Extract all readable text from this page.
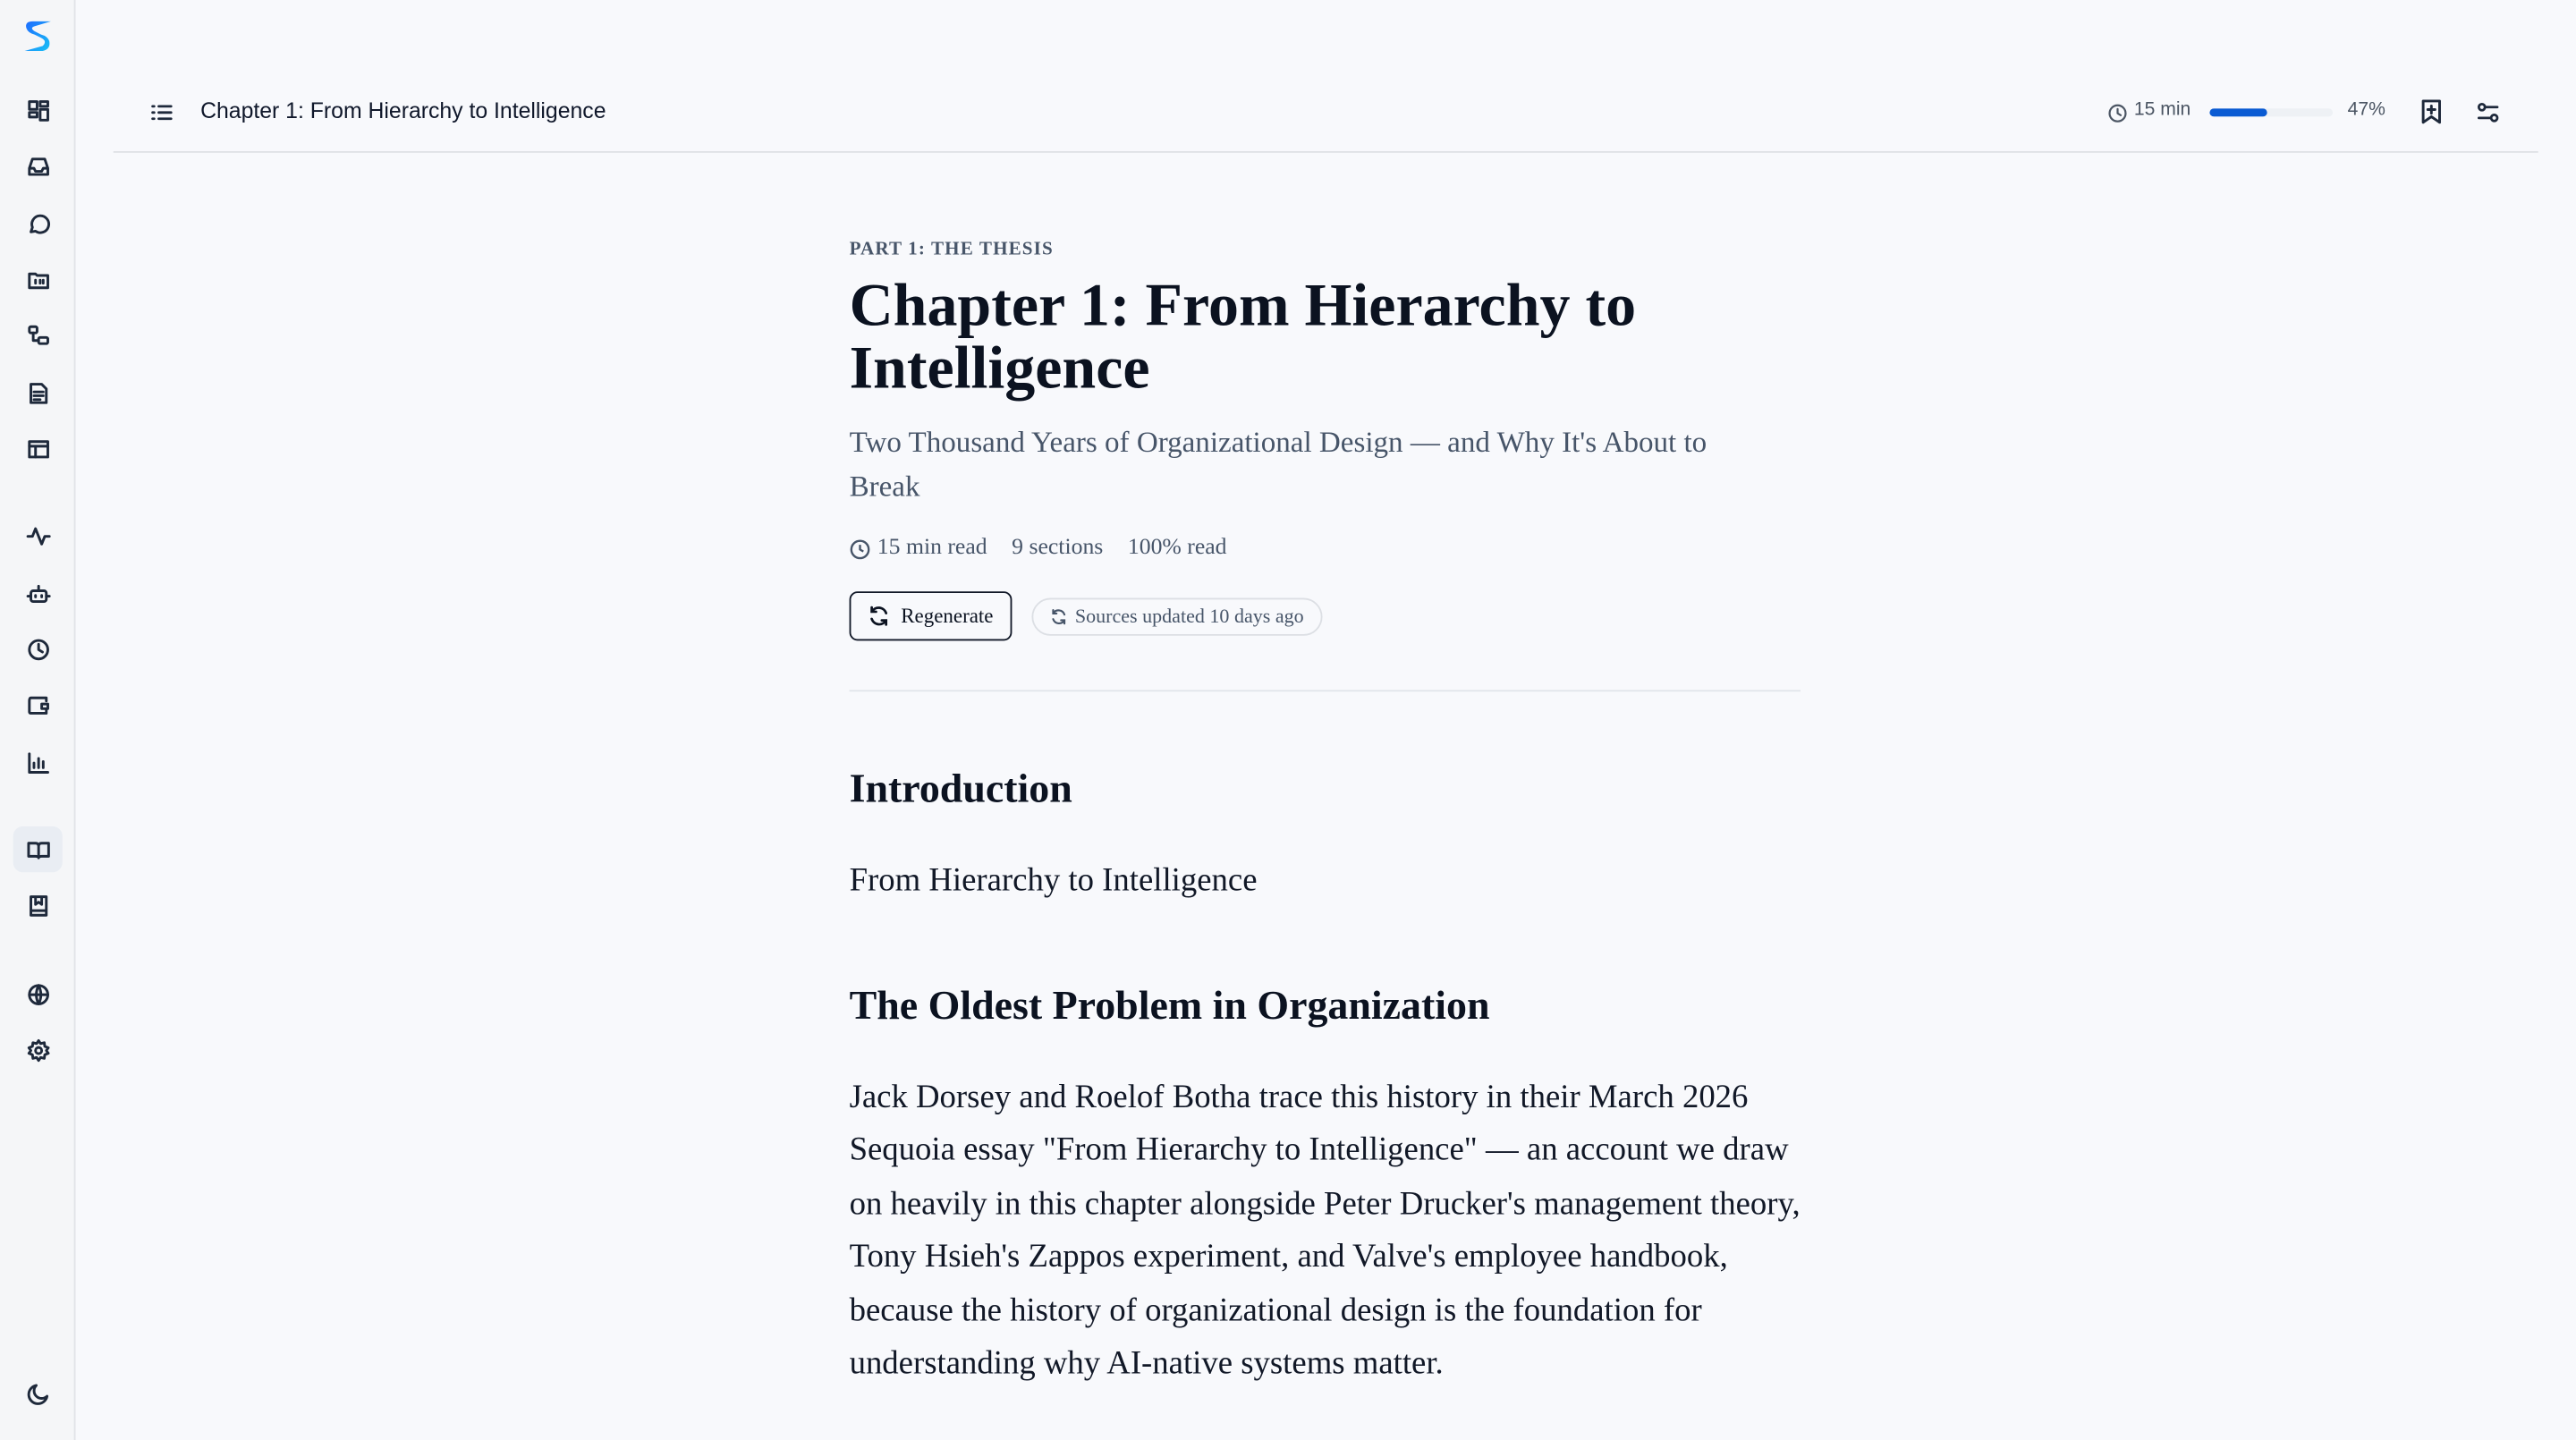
Chapter 1: From Hierarchy to Intelligence	15 min	47%
PART 1: THE THESIS
Chapter 1: From Hierarchy to Intelligence
Two Thousand Years of Organizational Design — and Why It's About to Break
15 min read 9 sections 100% read
Regenerate	Sources updated 10 days ago
Introduction
From Hierarchy to Intelligence
The Oldest Problem in Organization
Jack Dorsey and Roelof Botha trace this history in their March 2026 Sequoia essay "From Hierarchy to Intelligence" — an account we draw on heavily in this chapter alongside Peter Drucker's management theory, Tony Hsieh's Zappos experiment, and Valve's employee handbook, because the history of organizational design is the foundation for understanding why AI-native systems matter.
